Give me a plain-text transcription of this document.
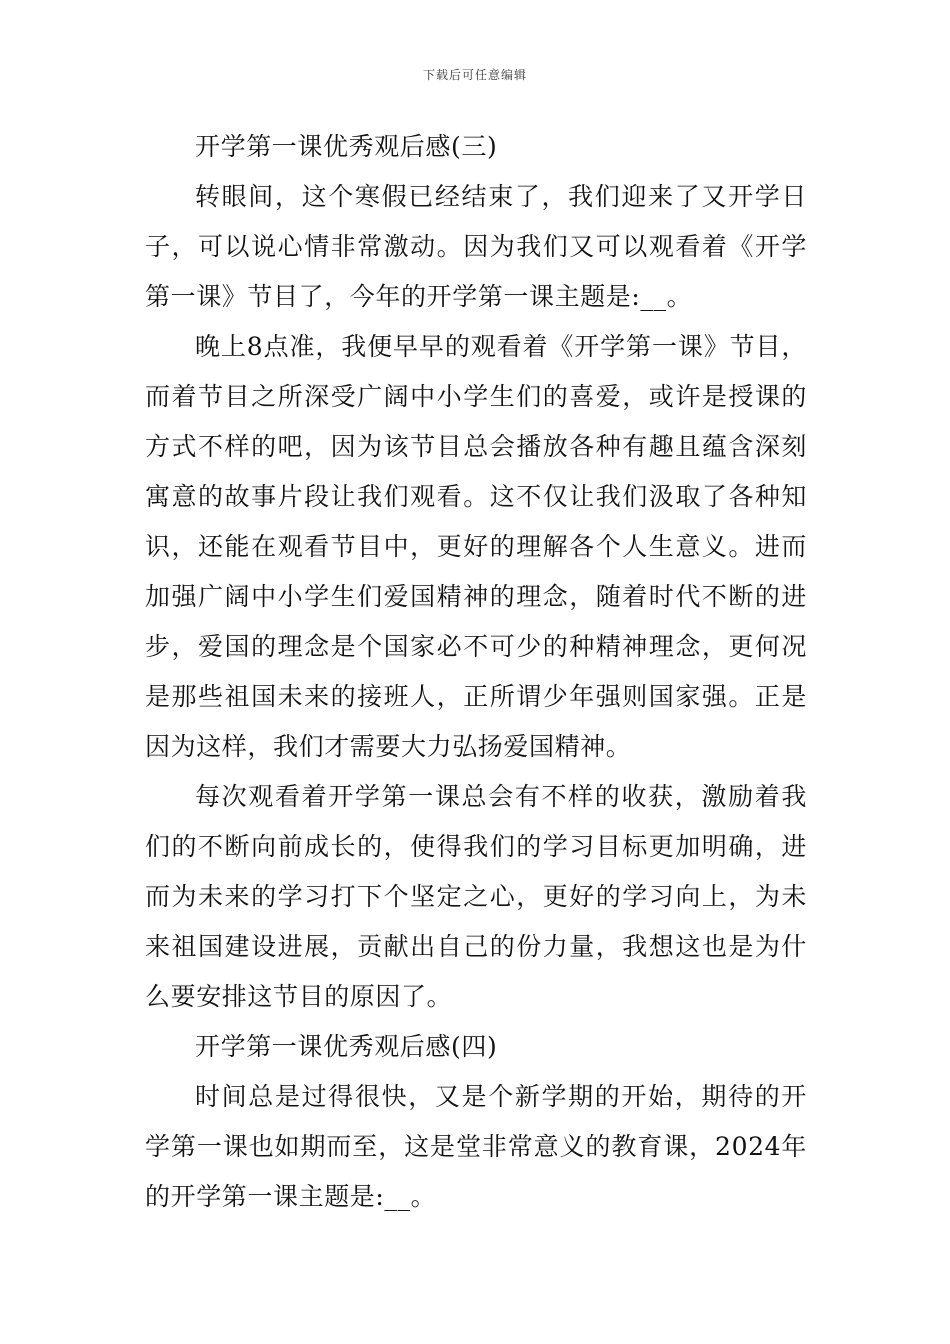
下载后可任意编辑

开学第一课优秀观后感(三)

转眼间，这个寒假已经结束了，我们迎来了又开学日子，可以说心情非常激动。因为我们又可以观看着《开学第一课》节目了，今年的开学第一课主题是:__。

晚上8点准，我便早早的观看着《开学第一课》节目，而着节目之所深受广阔中小学生们的喜爱，或许是授课的方式不样的吧，因为该节目总会播放各种有趣且蕴含深刻寓意的故事片段让我们观看。这不仅让我们汲取了各种知识，还能在观看节目中，更好的理解各个人生意义。进而加强广阔中小学生们爱国精神的理念，随着时代不断的进步，爱国的理念是个国家必不可少的种精神理念，更何况是那些祖国未来的接班人，正所谓少年强则国家强。正是因为这样，我们才需要大力弘扬爱国精神。

每次观看着开学第一课总会有不样的收获，激励着我们的不断向前成长的，使得我们的学习目标更加明确，进而为未来的学习打下个坚定之心，更好的学习向上，为未来祖国建设进展，贡献出自己的份力量，我想这也是为什么要安排这节目的原因了。

开学第一课优秀观后感(四)

时间总是过得很快，又是个新学期的开始，期待的开学第一课也如期而至，这是堂非常意义的教育课，2024年的开学第一课主题是:__。
